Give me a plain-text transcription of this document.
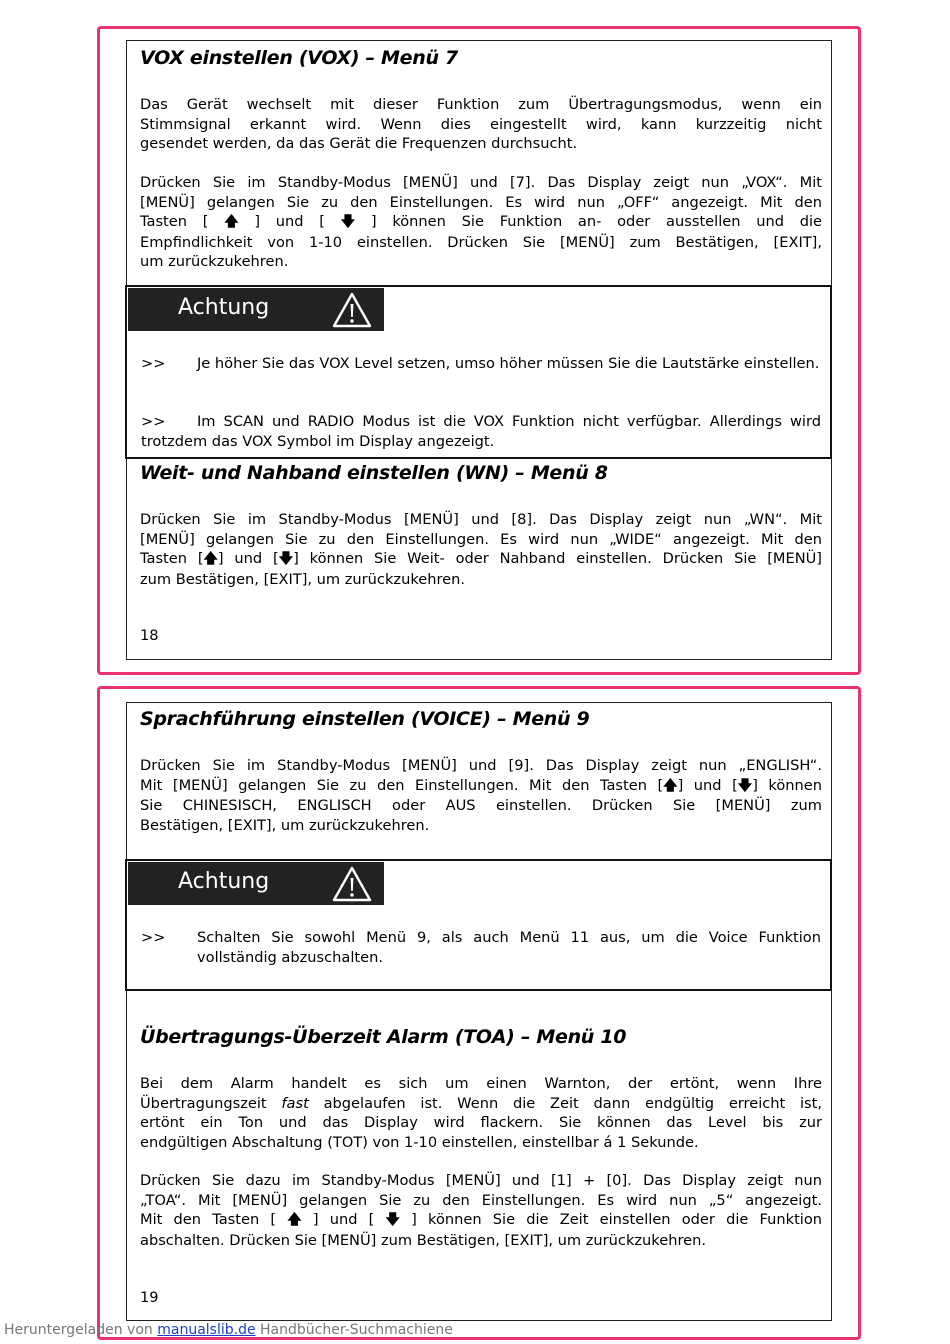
VOX einstellen (VOX) – Menü 7
Das Gerät wechselt mit dieser Funktion zum Übertragungsmodus, wenn ein
Stimmsignal erkannt wird. Wenn dies eingestellt wird, kann kurzzeitig nicht
gesendet werden, da das Gerät die Frequenzen durchsucht.
Drücken Sie im Standby-Modus [MENÜ] und [7]. Das Display zeigt nun „VOX“. Mit
[MENÜ] gelangen Sie zu den Einstellungen. Es wird nun „OFF“ angezeigt. Mit den
Tasten [ 🡅 ] und [ 🡇 ] können Sie Funktion an- oder ausstellen und die
Empfindlichkeit von 1-10 einstellen. Drücken Sie [MENÜ] zum Bestätigen, [EXIT],
um zurückzukehren.
Achtung
>>	Je höher Sie das VOX Level setzen, umso höher müssen Sie die Lautstärke einstellen.
>>	Im SCAN und RADIO Modus ist die VOX Funktion nicht verfügbar. Allerdings wird trotzdem das VOX Symbol im Display angezeigt.
Weit- und Nahband einstellen (WN) – Menü 8
Drücken Sie im Standby-Modus [MENÜ] und [8]. Das Display zeigt nun „WN“. Mit
[MENÜ] gelangen Sie zu den Einstellungen. Es wird nun „WIDE“ angezeigt. Mit den
Tasten [🡅] und [🡇] können Sie Weit- oder Nahband einstellen. Drücken Sie [MENÜ]
zum Bestätigen, [EXIT], um zurückzukehren.
18
Sprachführung einstellen (VOICE) – Menü 9
Drücken Sie im Standby-Modus [MENÜ] und [9]. Das Display zeigt nun „ENGLISH“.
Mit [MENÜ] gelangen Sie zu den Einstellungen. Mit den Tasten [🡅] und [🡇] können
Sie CHINESISCH, ENGLISCH oder AUS einstellen. Drücken Sie [MENÜ] zum
Bestätigen, [EXIT], um zurückzukehren.
Achtung
>>	Schalten Sie sowohl Menü 9, als auch Menü 11 aus, um die Voice Funktion vollständig abzuschalten.
Übertragungs-Überzeit Alarm (TOA) – Menü 10
Bei dem Alarm handelt es sich um einen Warnton, der ertönt, wenn Ihre
Übertragungszeit fast abgelaufen ist. Wenn die Zeit dann endgültig erreicht ist,
ertönt ein Ton und das Display wird flackern. Sie können das Level bis zur
endgültigen Abschaltung (TOT) von 1-10 einstellen, einstellbar á 1 Sekunde.
Drücken Sie dazu im Standby-Modus [MENÜ] und [1] + [0]. Das Display zeigt nun
„TOA“. Mit [MENÜ] gelangen Sie zu den Einstellungen. Es wird nun „5“ angezeigt.
Mit den Tasten [ 🡅 ] und [ 🡇 ] können Sie die Zeit einstellen oder die Funktion
abschalten. Drücken Sie [MENÜ] zum Bestätigen, [EXIT], um zurückzukehren.
19
Heruntergeladen von manualslib.de Handbücher-Suchmachiene
